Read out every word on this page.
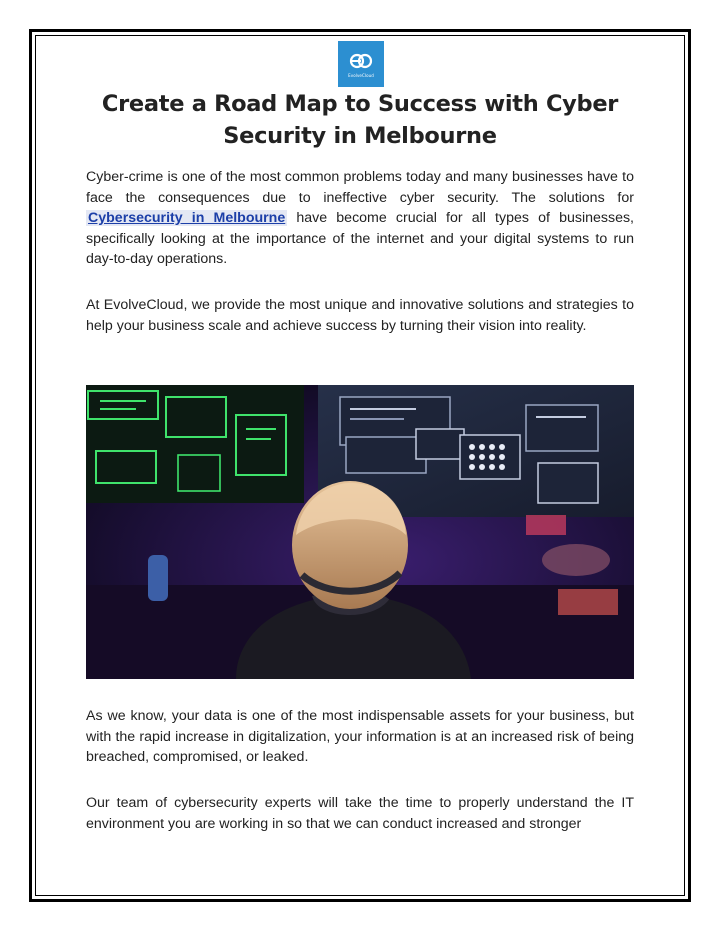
EvolveCloud
Create a Road Map to Success with Cyber Security in Melbourne

Cyber-crime is one of the most common problems today and many businesses have to face the consequences due to ineffective cyber security. The solutions for Cybersecurity in Melbourne have become crucial for all types of businesses, specifically looking at the importance of the internet and your digital systems to run day-to-day operations.

At EvolveCloud, we provide the most unique and innovative solutions and strategies to help your business scale and achieve success by turning their vision into reality.

As we know, your data is one of the most indispensable assets for your business, but with the rapid increase in digitalization, your information is at an increased risk of being breached, compromised, or leaked.

Our team of cybersecurity experts will take the time to properly understand the IT environment you are working in so that we can conduct increased and stronger
